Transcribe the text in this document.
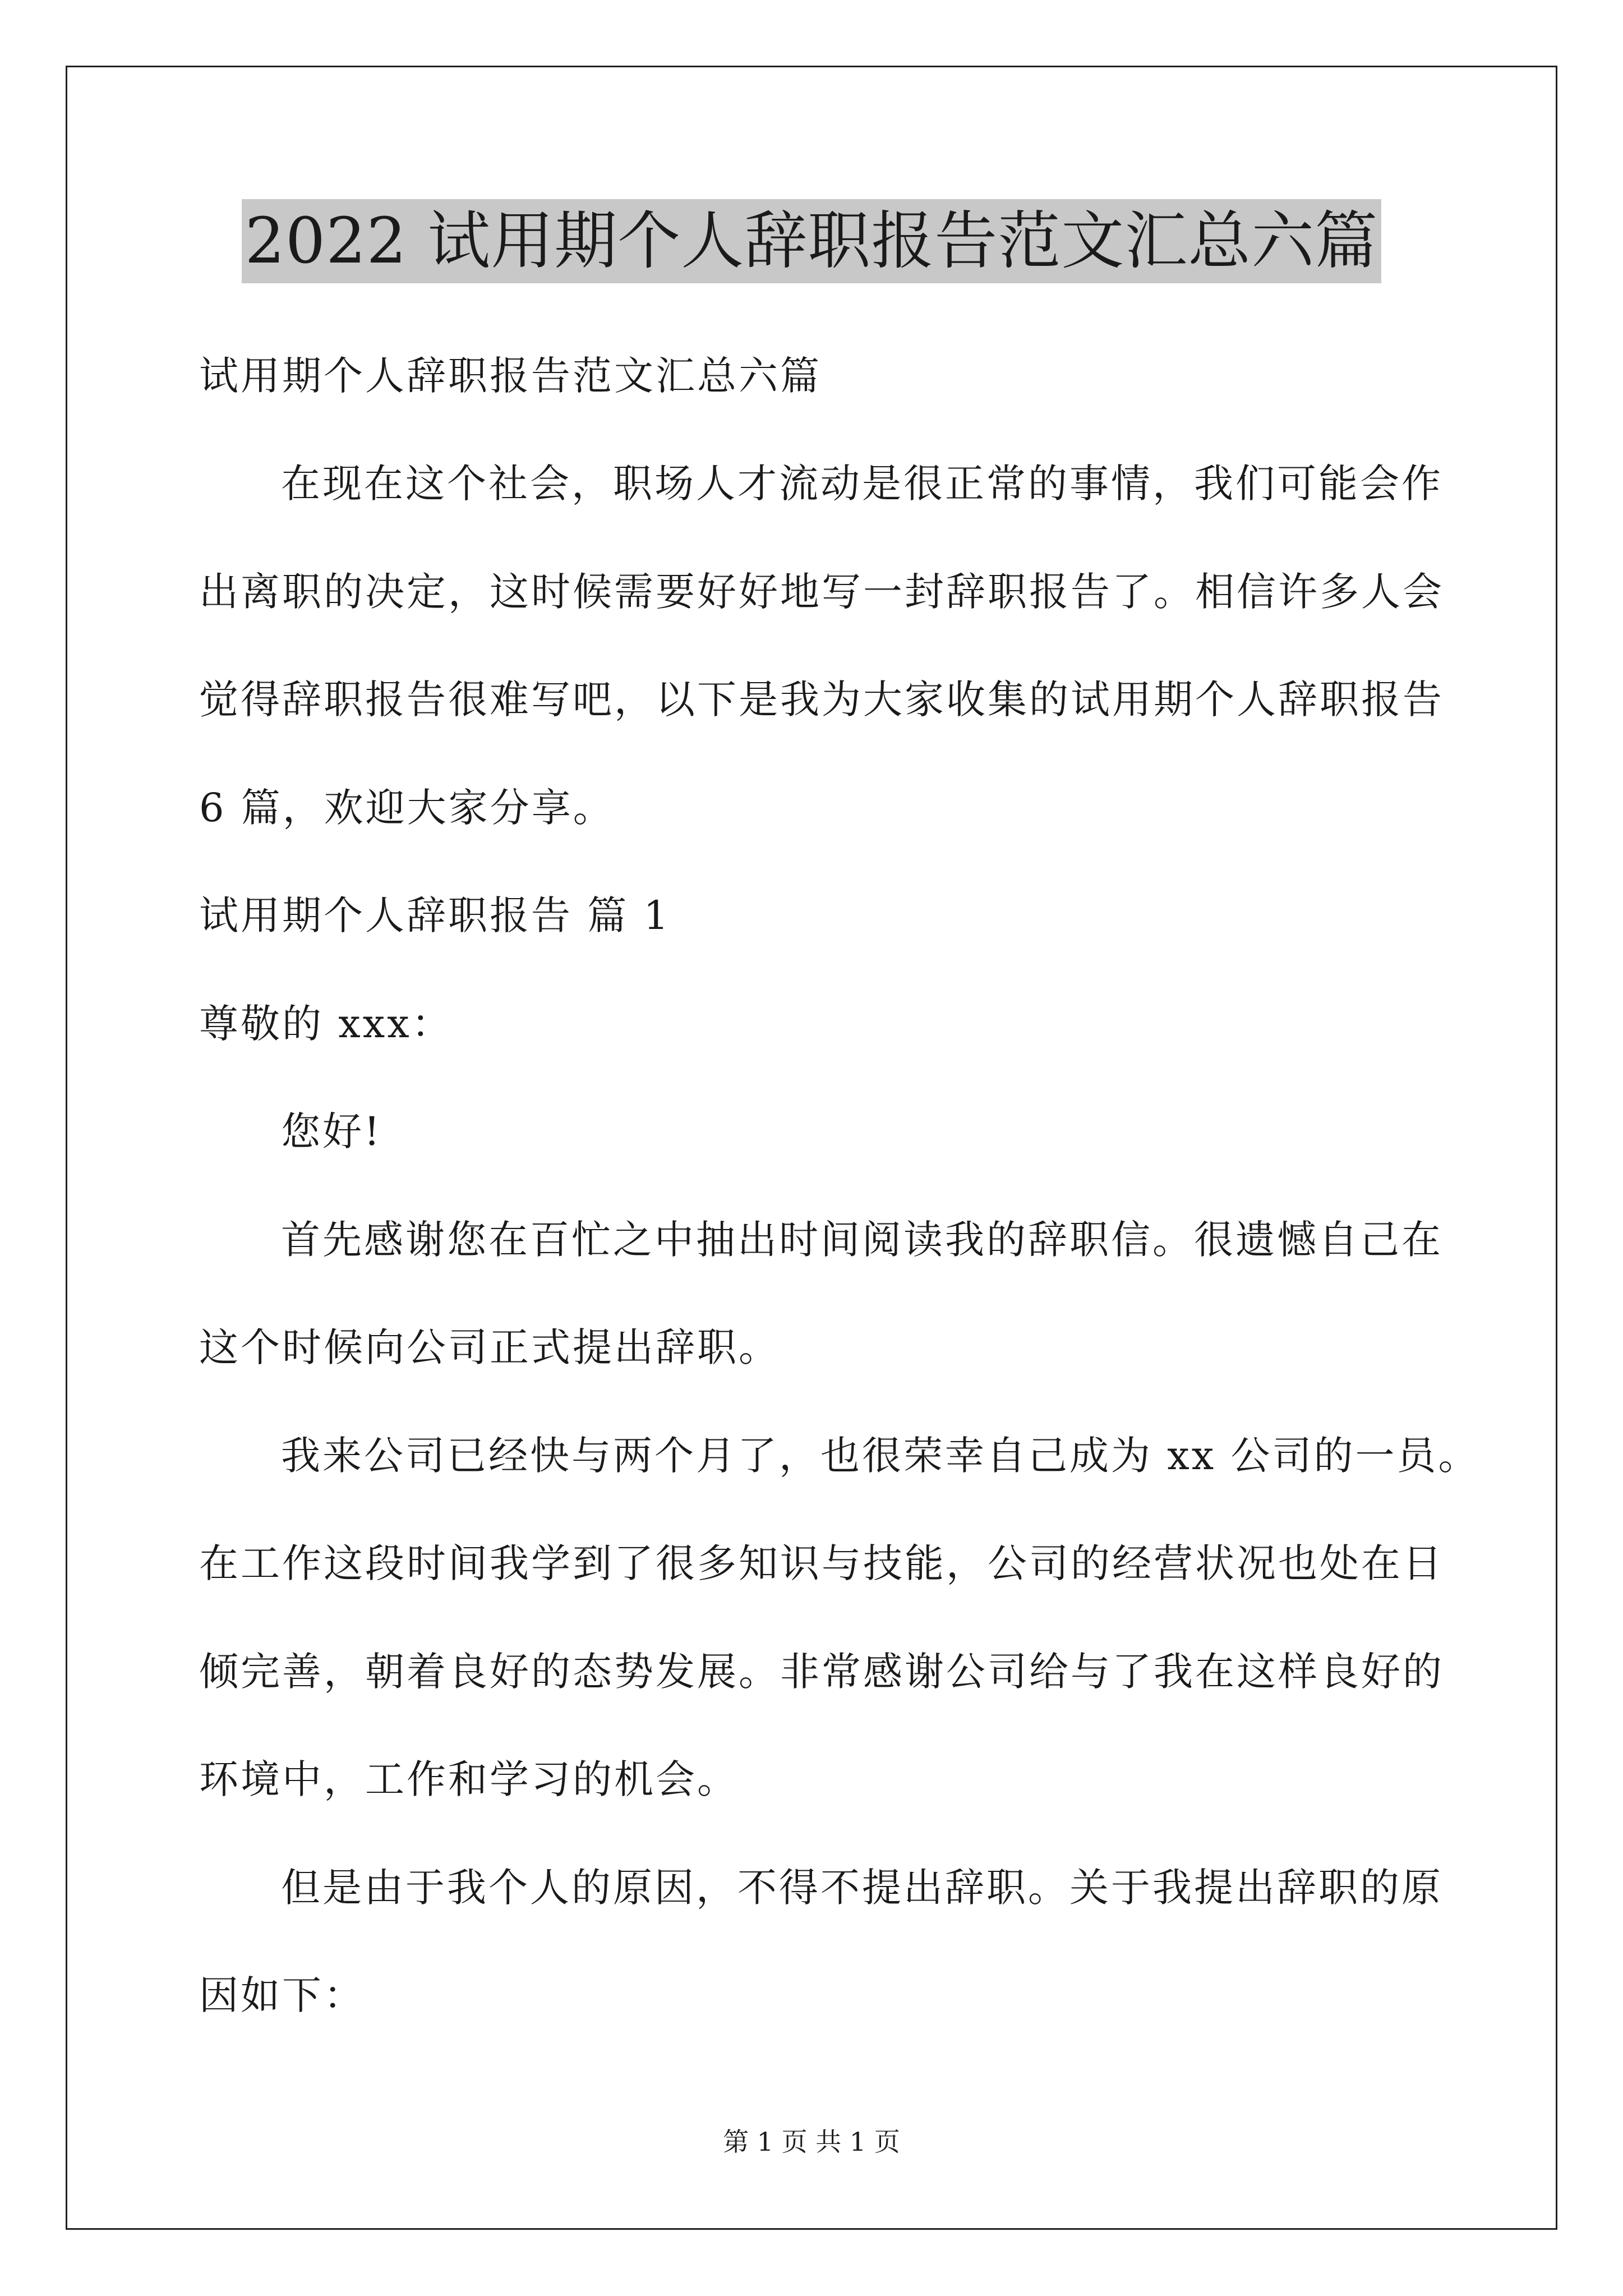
2022 试用期个人辞职报告范文汇总六篇
试用期个人辞职报告范文汇总六篇
在现在这个社会，职场人才流动是很正常的事情，我们可能会作
出离职的决定，这时候需要好好地写一封辞职报告了。相信许多人会
觉得辞职报告很难写吧，以下是我为大家收集的试用期个人辞职报告
6 篇，欢迎大家分享。
试用期个人辞职报告 篇 1
尊敬的 xxx：
您好!
首先感谢您在百忙之中抽出时间阅读我的辞职信。很遗憾自己在
这个时候向公司正式提出辞职。
我来公司已经快与两个月了，也很荣幸自己成为 xx 公司的一员。
在工作这段时间我学到了很多知识与技能，公司的经营状况也处在日
倾完善，朝着良好的态势发展。非常感谢公司给与了我在这样良好的
环境中，工作和学习的机会。
但是由于我个人的原因，不得不提出辞职。关于我提出辞职的原
因如下：
第 1 页 共 1 页
